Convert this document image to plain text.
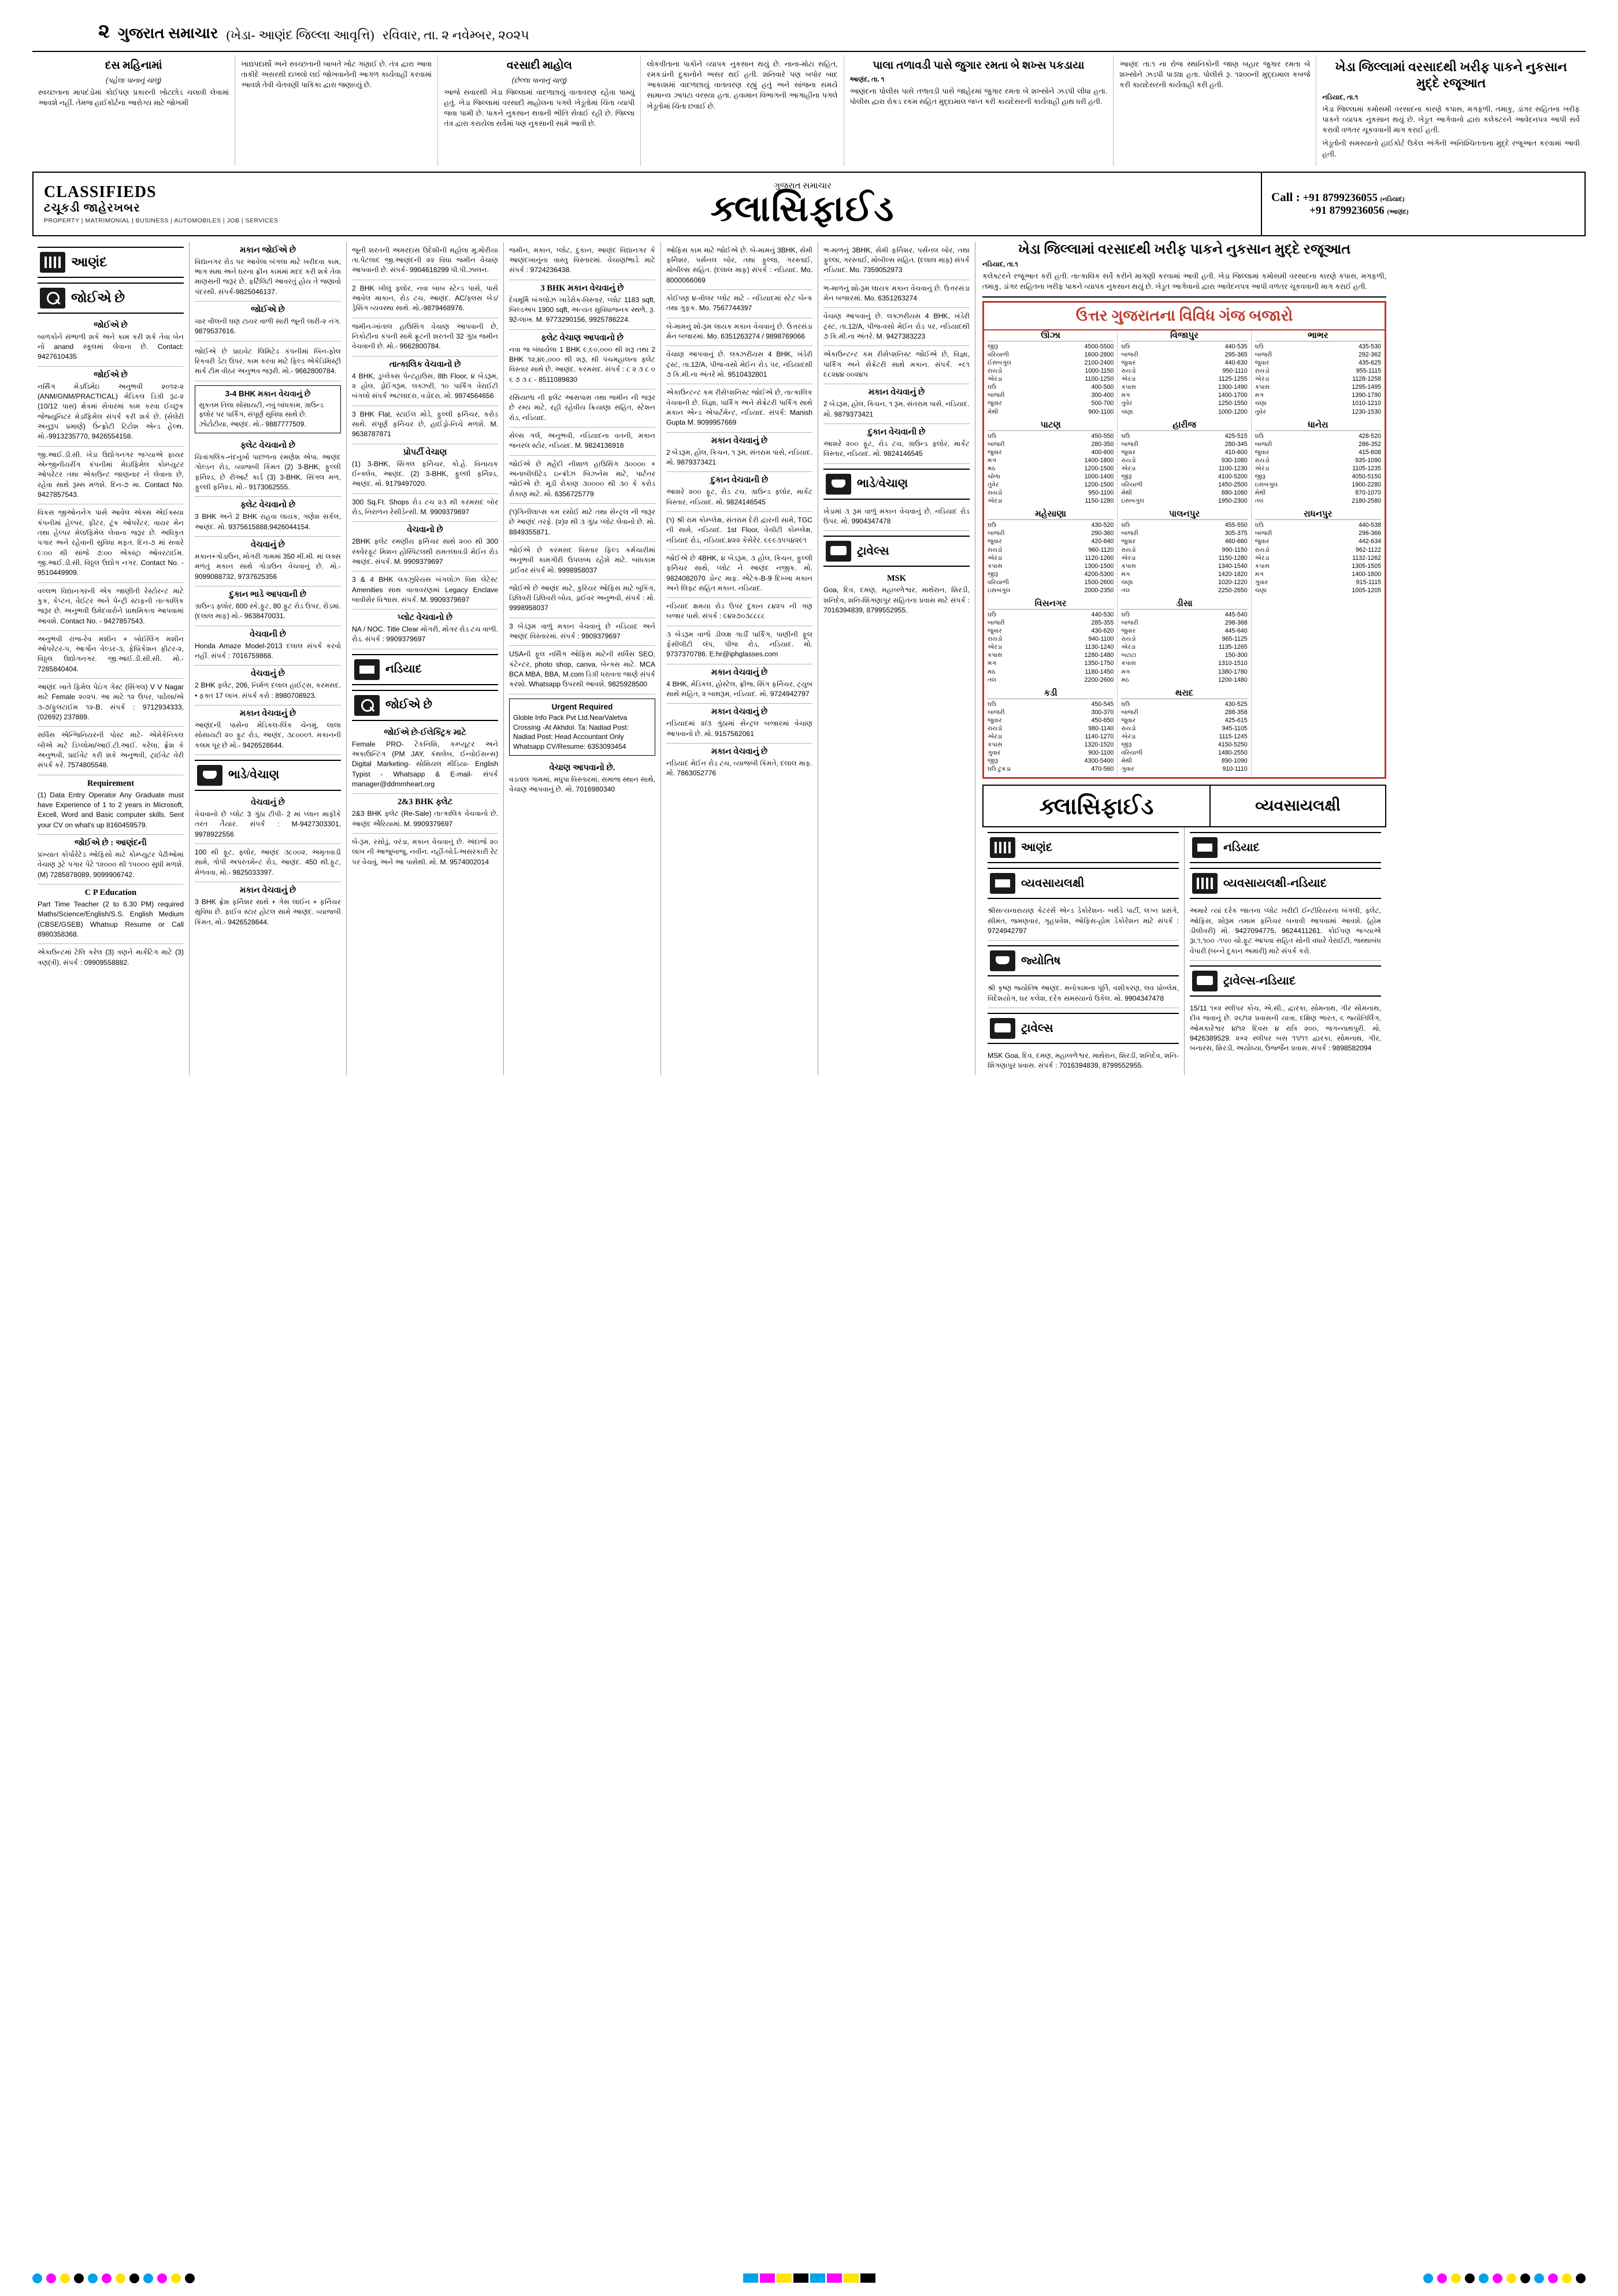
૨ ગુજરાત સમાચાર (ખેડા- આણંદ જિલ્લા આવૃત્તિ) રવિવાર, તા. ૨ નવેમ્બર, ૨૦૨૫
દસ મહિનામાં
(પહેલા પાનાનું ચાલુ)

સ્વચ્છતાના માપદંડોમાં કોઈપણ પ્રકારની ખોટછોડ ચલાવી લેવામાં આવશે નહીં. તેમજ હાઈકોર્ટના આરોગ્ય માટે જોખમી

ખાદ્યપદાર્થો અને સ્વચ્છતાની બાબતે ખોટ ગણાઈ છે. તંત્ર દ્વારા આવા તાકીદે અસરથી દાખલો લઈ જોખવાનેની આગળ કાર્યવાહી કરવામાં આવશે તેવી ચેતવણી પાકિકા દ્વારા જણાવ્યું છે.

વરસાદી માહોલ
(છેલ્લા પાનાનું ચાલુ)

આજે સવારથી ખેડા જિલ્લામાં વાદળછાયું વાતાવરણ રહેવા પામ્યું હતું. ખેડા જિલ્લામાં વરસાદી માહોલના પગલે ખેડૂતોમાં ચિંતા વ્યાપી જવા પામી છે. પાકને નુકસાન થવાની ભીતિ સેવાઈ રહી છે. જિલ્લા તંત્ર દ્વારા કરાયેલા સર્વેમાં પણ નુકસાની સામે આવી છે.

લોકવીતાના પાકોને વ્યાપક નુકસાન થયું છે. નાના-મોટા સહિત, રમકડાંની દુકાનોને અસર થઈ હતી. શનિવારે પણ બપોર બાદ આકાશમાં વાદળછાયું વાતાવરણ રહ્યું હતું અને સાંજના સમયે સામાન્ય ઝાપટા વરસ્યા હતા. હવામાન વિભાગની આગાહીના પગલે ખેડૂતોમાં ચિંતા છવાઈ છે.

પાલા તળાવડી પાસે જુગાર રમતા બે શખ્સ પકડાયા
આણંદ, તા. ૧

આણંદના પોલીસ પાસે તળાવડી પાસે જાહેરમાં જુગાર રમતા બે શખ્સોને ઝડપી લીધા હતા. પોલીસ દ્વારા રોકડ રકમ સહિત મુદ્દામાલ જપ્ત કરી કાયદેસરની કાર્યવાહી હાથ ધરી હતી.

આણંદ તા.૧ ના રોજ સ્થાનિકોની જાણ બહાર જુગાર રમતા બે શખ્સોને ઝડપી પાડ્યા હતા. પોલીસે રૂ. ૧૨૦૦ની મુદ્દામાલ કબજે કરી કાયદેસરની કાર્યવાહી કરી હતી.

ખેડા જિલ્લામાં વરસાદથી ખરીફ પાકને નુકસાન મુદ્દે રજૂઆત
નડિયાદ, તા.૧

ખેડા જિલ્લામાં કમોસમી વરસાદના કારણે કપાસ, મગફળી, તમાકુ, ડાંગર સહિતના ખરીફ પાકને વ્યાપક નુકસાન થયું છે. ખેડૂત આગેવાનો દ્વારા કલેક્ટરને આવેદનપત્ર આપી સર્વે કરાવી વળતર ચૂકવવાની માગ કરાઈ હતી.

ખેડૂતોની સમસ્યાનો હાઈકોર્ટ ઉકેલ અંગેની અનિશ્ચિતતાના મુદ્દે રજૂઆત કરવામાં આવી હતી.

CLASSIFIEDS
ટચૂકડી જાહેરખબર
PROPERTY | MATRIMONIAL | BUSINESS | AUTOMOBILES | JOB | SERVICES
ગુજરાત સમાચાર
ક્લાસિફાઈડ	Call : +91 8799236055 (નડિયાદ)
+91 8799236056 (આણંદ)
આણંદ
જોઈએ છે
જોઈએ છે
બાળકોને સંભાળી શકે અને કામ કરી શકે તેવા બેન નો anand સ્કૂલમાં લેવાના છે. Contact: 9427610435
જોઈએ છે
નર્સિંગ મેડ/ડિમેઇ અનુભવી ૨૦૧૨-૨ (ANM/GNM/PRACTICAL) મેડિકલ ડિગ્રી રૂઢ-૨ (10/12 પાસ) ક્ષેત્રમાં સેવારમાં કામ કરવા ઈચ્છુક જેજ્યુનિટર મેડ/ફિમેલ સંપર્ક કરી શકે છે. (સેલેરી અનુરૂપ પ્રમાણે) ઉંન્ફ્રોટી ટિટોશ એન્ડ હેલ્થ. મો.-9913235770, 9426554158.
જી.આઈ.ડી.સી. ખેડા ઉદ્યોગનગર જગ્યાએ ફાયર એન્જીનીયરીંગ કંપનીમાં મેઇ/ફિમેલ કોમ્પ્યુટર ઓપરેટર તથા એકાઉન્ટ જાણનાર ને લેવાના છે, રહેવા સાથે રૂમ્સ મળશે. દિન-૭ મા. Contact No. 9427857543.
વિકસ જીઓનનેગ પાસે આવેલ એક્સ એઈક્સ્યા કંપનીમાં હેલ્પર, ફીટર, ટૂંક ઓપરેટર, વાયર મેન તથા હેલ્પર મેલ/ફિમેલ લેવાના જરૂર છે. અધિકૃત પગાર અને રહેવાની સુવિધા મફત. દિન-૭ માં સવારે ૯:૦૦ થી સાંજે ૭:૦૦ એક્સ્ટ્રા ઓવરટાઈમ. જી.આઈ.ડી.સી. વિઠ્ઠલ ઉદ્યોગ નગર. Contact No. - 9510449909.
વલ્લભ વિદ્યાનગરની એક જાણીતી રેસ્ટોરન્ટ માટે કુક, કેપ્ટન, વેઈટર અને પેન્ટ્રી સ્ટાફની તાત્કાલિક જરૂર છે. અનુભવી ઉમેદવારોને પ્રાથમિકતા આપવામાં આવશે. Contact No. - 9427857543.
અનુભવી રાજ-રેવ મશીન + બોઈલિંગ મશીન ઓપરેટર-૫, આર્ગોન વેલ્ડર-૩, ફેબ્રિકેશન ફીટર-૨, વિઠ્ઠલ ઉદ્યોગનગર. જી.આઈ.ડી.સી.સી. મો.- 7285840404.
આણંદ ખાતે ફિમેલ પેઇંગ ગેસ્ટ (સિંગલ) V V Nagar માટે Female ૨૦૨૫. આ માટે ૧૨ ઉપર, પાઠેલા/એ ૩-૭/ફુલટાઈમ ૧૨-B. સંપર્ક : 9712934333, (02692) 237889.
સર્વિસ એન્જિનિયરની પોસ્ટ માટે- એમેકેનિકલ બીએ માટે ડિપ્લોમા/આઈ.ટી.આઈ. કરેલા, ફ્રેશ કે અનુભવી, પ્રાઈવેટ કરી શકે અનુભવી, ટ્રાઈવેટ વેરી સંપર્ક કરે. 7574805548.
Requirement
(1) Data Entry Operator Any Graduate must have Experience of 1 to 2 years in Microsoft, Excell, Word and Basic computer skills. Sent your CV on what's up 8160459579.
જોઈએ છે : આણંદની
પ્રખ્યાત કોર્પોરેટેડ ઓફિસો માટે કોમ્પ્યુટર પેઢીઓમાં વેચાણ રૂટે પગાર પેટે ૧૨૦૦૦ થી ૧૫૦૦૦ સુધી મળશે. (M) 7285878089, 9099906742.
C P Education
Part Time Teacher (2 to 6.30 PM) required Maths/Science/English/S.S. English Medium (CBSE/GSEB) Whatsup Resume or Call 8980358368.
એકાઉન્ટમાં ટેલિ કરેલ (3) ત્રણને માર્કેટિંગ માટે (3) ત્રણ(ત્રી). સંપર્ક : 09909558882.
મકાન જોઈએ છે
વિદ્યાનગર રોડ પર આવેલા બંગલા માટે ખરીદવા કામ, ભાગ સમા અને ઘરના ફ્રીન કામમાં મદદ કરી શકે તેવા માણસની જરૂર છે. ફર્ટિલિટી આવરતું હોય તે જણાવો પંદરથી. સંપર્ક-9825046137.
જોઈએ છે
ચાર વીલની ઘણ ટાયર વાળી સારી જૂની લારી-૨ નંગ. 9879537616.
જોઈએ છે પ્રાઇવેટ લિમિટેડ કંપનીમાં બિન-ફોલ રિકવરી ડેટા ઉપર. કામ કરવા માટે ફિલ્ડ એકેડિમિસ્ટ્રી માર્ક ટીમ વીઠર અનુભવ જરૂરી. મો.- 9662800784.
3-4 BHK મકાન વેચવાનું છે
સુકતમ તિલા સોસાયટી, નવું બાંધકામ, ગ્રાઉન્ડ ફ્લોર પર પાર્કિંગ, સંપૂર્ણ સુવિધા સાથે છે. ઝોટોટીયા, આણંદ. મો.- 9887777509.
ફ્લેટ વેચવાનો છે
ચિત્રાંગલિંક-નંદનુર્ખા પાછળના રમણેશ એપા. આણંદ ગોલ્ડન રોડ, વ્યાજબી કિંમત (2) 3-BHK, ફુલ્લી ફર્નિશ્ડ, છે રીઆર્ટ કાર્ડ (3) 3-BHK, સિંગલ મળ, ફુલ્લી ફર્નિશ્ડ. મો.- 9173062555.
ફ્લેટ વેચવાનો છે
3 BHK અને 2 BHK રાહવા લાયક, ગણેશ સર્કલ, આણંદ. મો. 9375615888,9426044154.
વેચવાનું છે
મકાન+ગોડાઉન, મોગરી ગામમાં 350 મી.મી. માં લક્સ મળતું મકાન સાથે ગોડાઉન વેચવાનું છે. મો.- 9099088732, 9737625356
દુકાન ભાડે આપવાની છે
ગ્રાઉન્ડ ફ્લોર, 600 સ્કે.ફુટ, 80 ફુટ રોડ ઉપર, રોડમાં. (દલાલ માફ) મો.- 9638470031.
વેચવાની છે
Honda Amaze Model-2013 દલાલ સંપર્ક કરવો નહીં. સંપર્ક : 7016759868.
વેચવાનું છે
2 BHK ફ્લેટ, 206, નિર્મળ દલાલ હાઈટ્સ, કરમસદ. • ફક્ત 17 લાખ. સંપર્ક કરો : 8980708923.
મકાન વેચવાનું છે
આણંદની પાસેના મેડિકલ-લિંક ચેનમું, લાલા સોસાયટી ૨૦ ફુટ રોડ, આણંદ, ૩૮૦૦૦૧. મકાનની કલમ પૂર છે મો.- 9426528644.
ભાડે/વેચાણ
વેચવાનું છે
વેચવાનો છે પ્લોટ 3 ગુંઠા ટીપી- 2 માં પ્લાન માફીકે તરત તૈયાર. સંપર્ક : M-9427303301, 9978922556
100 થી ફૂટ, ફ્લોર, આણંદ ૩૮૦૦૨, અમૃતવાડી સામે, ગોપી અપરતમેન્ટ રોડ, આણંદ. 450 થી.ફુટ, મેળવવા, મો.- 9825033397.
મકાન વેચવાનું છે
3 BHK ફ્રેશ ફર્નિશર સાથે + ગેસ લાઈન + ફર્નિચર સુવિધા છે. ફાઈવ સ્ટાર હોટલ સામે આણંદ. વ્યાજબી કિંમત, મો.- 9426528644.
જૂની શરતની અમરદાસ ઉદેશીની મહોલા મુ.મોરીયા તા.પેટલાદ જી.આણંદની ૨૨ વિઘા જમીન વેચાણ આપવાની છે. સંપર્ક- 9904618299 પી.પી.ઝાલન.
2 BHK ખીલું ફ્લોર, નવા બાબ સ્ટેન્ડ પાસે, પાસે આવેલ માકાન, રોડ ટચ, આણંદ. AC/ફ્લસ બેડ/ડ્રેસિંગ વ્યવસ્થા સાથે. મો.-9879468976.
જમીન-ખાંતાલ હાઉસિંગ વેચાણ આપવાની છે, નિકોટીના કંપની સામે ફ્રૂટની શરતની 32 ગુંઠા જમીન વેચવાની છે. મો.- 9662800784.
તાત્કાલિક વેચવાનો છે
4 BHK, ડુપ્લેક્સ પેન્ટહાઉસ, 8th Floor, ૪ બેડરૂમ, ૨ હોલ, ડ્રોઈંગરૂમ, લક્ઝરી, ૧૦ પાર્કિંગ વેરાઈટી બંગલો સંપર્ક અટલાદરા, વડોદરા. મો. 9974564656
3 BHK Flat, સ્ટાઈલ મોડે, ફુલ્લી ફર્નિચર, કરોડ સાથે. સંપૂર્ણ ફર્નિચર છે, હાઈડ્રો-નિચે મળશે. M. 9638787871
પ્રોપર્ટી વેચાણ
(1) 3-BHK, સિંગલ ફર્નિચર, કો.હે. વિનાયક ઈન્ક્લેવ, આણંદ. (2) 3-BHK, ફુલ્લી ફર્નિશ્ડ, આણંદ. મો. 9179497020.
300 Sq.Ft. Shops રોડ ટચ ૨૩ થી કરમસદ બોર રોડ, નિરાળન રેસીડેન્સી. M. 9909379697
વેચવાનો છે
2BHK ફ્લેટ રમણીય ફર્નિચર સાથે ૨૦૦ થી 300 સ્ક્વેરફૂટ મિશન હોસ્પિટલથી રામતલાવડી મેઈન રોડ આણંદ. સંપર્ક. M. 9909379697
3 & 4 BHK લક્ઝુરિયસ બંગલોઝ વિથ લેટેસ્ટ Amenities સાથ વાતાવરણમાં Legacy Enclave બાવીસેર વિશ્વાસ. સંપર્ક. M. 9909379697
પ્લોટ વેચવાનો છે
NA / NOC. Title Clear મોગરી, મોગર રોડ ટચ વાળી. રોડ. સંપર્ક : 9909379697
નડિયાદ
જોઈએ છે
જોઈએ છે-ઈલેક્ટ્રિક માટે
Female PRO- ટેકનિશિ, કમ્પ્યૂટર અને અકાઉન્ટિંગ (PM JAY, કૅથલેબ, ઈન્વોઈસન્સ) Digital Marketing- સોશિયલ મીડિયા- English Typist - Whatsapp & E-mail- સંપર્ક manager@ddmmheart.org
2&3 BHK ફ્લેટ
2&3 BHK ફ્લેટ (Re-Sale) તાત્કાલિક વેચવાનો છે. આણંદ ઐરિયામાં. M. 9909379697
બે-રૂમ, રસોડું, વરંડા, મકાન વેચવાનું છે. અંદાજે ૨૦ લાખ ની આજુબાજુ, નવીન. નહીં-બોર્ડ-અસરકારી રેટ પર વેચવું, અને આ પાસેથી. મો. M. 9574002014
જમીન, મકાન, પ્લોટ, દુકાન, આણંદ વિદ્યાનગર કે આણંદખાનુંના વાસ્તુ વિસ્તારમાં. વેચાણ/ભાડે માટે સંપર્ક : 9724236438.
3 BHK મકાન વેચવાનું છે
દેવમૂર્મિ બંગલોઝ ખાડેરોક-વિસ્તાર, પ્લોટ 1183 sqft, બિલ્ડઅપ 1900 sqft, અત્યંત સુવિધાજનક સ્થળે, રૂ. 92-લાખ. M. 9773290156, 9925786224.
ફ્લેટ વેચાણ આપવાનો છે
નવા જ બંધાયેલા 1 BHK ૯,૯૦,૦૦૦ થી શરૂ તથા 2 BHK ૧૨,૪૯,૦૦૦ થી શરૂ, થી પંચમહાલના ફ્લેટ વિસ્તાર સાથે છે. આણંદ. કરમસદ. સંપર્ક : ૮ ૨ ૩ ૮ ૦ ૬ ૭ ૩ ૮ - 8511089830
રસિયાળા ની ફ્લેટ આસપાસ તથા જમીન ની જરૂર છે રમ્ય માટે, રહી રહેવીય ક્રિયાણા સહિત, સ્ટેશન રોડ, નડિયાદ.
સેલ્સ ગર્લ, અનુભવી, નડિયાદના વતની, મકાન જનરલ સ્ટોર, નડિયાદ. M. 9824136918
જોઈએ છે મહેંદી નીશાળ હાઉસિંગ ૩૦૦૦૦ + અનાબીલીટેડ ઇન્ક્રીઝ બિઝનેસ માટે, પાર્ટનર જોઈએ છે. મૂડી રોકાણ ૩૦૦૦૦ થી ૩૦ કે કરોડ રોકાણ માટે. મો. 6356725779
(૧)ગિનીલાપ્સ કમ રસોઈ માટે તથા સેન્ટ્રલ ની જરૂર છે આણંદ તરફે. (૨)૨ થી ૩ ગુંઠા પ્લોટ લેવાનો છે. મો. 8849355871.
જોઈએ છે કરમસદ વિસ્તાર ફિલ્ડ કર્મચારીમાં અનુભવી કામગીરી ઉપલબ્ધ રહેશે માટે. બાંધકામ ડ્રાઈવર સંપર્ક મો. 9998958037
જોઈએ છે આણંદ માટે, કુરિયર ઓફિસ માટે બુકિંગ, ડિલિવરી ડિલિવરી બોય, ડ્રાઈવર અનુભવી, સંપર્ક : મો. 9998958037
3 બેડરૂમ વાળું મકાન વેચવાનું છે નડિયાદ અને આણંદ વિસ્તારમાં. સંપર્ક : 9909379697
USAની ફૂલ નર્સિંગ ઓફિસ માટેની સર્વિસ SEO, કંટેન્ટર, photo shop, canva, બેન્ક્સ માટે. MCA BCA MBA, BBA, M.com ડિગ્રી ધરાવતા જાણે સંપર્ક કરશો. Whatsapp ઉપરથી આવશે. 9825928500
Urgent Required
Globle Info Pack Pvt Ltd.NearValetva Crossing -At Akhdol. Ta: Nadiad Post: Nadiad Post: Head Accountant Only Whatsapp CV/Resume: 6353093454
વેચાણ આપવાનો છે.
વડતાલ ગામમાં, મધુપા વિસ્તારમાં, સમાજ સ્થાન સાથે, વેચાણ આપવાનું છે. મો. 7016980340
ઓફિસ કામ માટે જોઈએ છે. બે-મામનું 3BHK, સેમી ફર્નિશર, પર્સનલ બોર, તથા ફુલ્લા, ગરસ્તાઈ, મોબીલ્સ સહિત. (દલાલ માફ) સંપર્ક : નડિયાદ. Mo. 8000066069
કોઈપણ ૪-વીલર પ્લોટ માટે - નડિયાદમાં સ્ટેટ બેન્ક તથા ગુફક. Mo. 7567744397
બે-મામનું શો-રૂમ લાયક મકાન વેચવાનું છે. ઉત્તરસંડા મેન બજારમાં. Mo. 6351263274 / 9898769066
વેચાણ આપવાનું છે. લક્ઝરીયસ 4 BHK, ખંડેરી ટ્રસ્ટ, તા.12/A, પીજ-વસો મેઈન રોડ પર, નડિયાદથી ૭ કિ.મી.ના અંતરે મો. 9510432801
એકાઉન્ટન્ટ કમ રીસેપ્શનિસ્ટ જોઈએ છે, તાત્કાલિક વેચવાની છે. વિજ્ઞા, પાર્કિંગ અને સેક્રેટરી પાર્કિંગ સાથે મકાન એન્ડ એપાર્ટમેન્ટ, નડિયાદ. સંપર્ક: Manish Gupta M. 9099957669
મકાન વેચવાનું છે
2 બેડરૂમ, હોલ, કિચન, ૧ રૂમ, સંતરામ પાસે, નડિયાદ. મો. 9879373421
દુકાન વેચવાની છે
આશરે ૨૦૦ ફૂટ, રોડ ટચ, ગ્રાઉન્ડ ફ્લોર, માર્કેટ વિસ્તાર, નડિયાદ. મો. 9824146545
(૧) શ્રી રામ કોમ્પ્લેક્ષ, સંતરામ દેરી દ્વારની સામે, TGC ની સામે, નડિયાદ. 1st Floor, વેચીટી કોમ્પ્લેક્ષ, નડિયાદ રોડ, નડિયાદ.૪૨૨ કેસેરેર. ૯૯૯૩૫૫૪૨૯૧
જોઈએ છે 4BHK, ૪ બેડરૂમ, ૩ હોલ, કિચન, ફુલ્લી ફર્નિચર સાથે, પ્લોટ ને આણંદ નજીક. મો. 9824082070 ડોન્ટ માફ. એટેક-B-9 દિખ્ખા મકાન અને લિફ્ટ સહિત મકાન. નડિયાદ.
નડિયાદ ક્ષમયા રોડ ઉપર દુકાન ૮૪૨૫ ની ગણ બજાર પાસે. સંપર્ક : ૯૪૨૭૦૩૮૮૮૮
૩ બેડરૂમ વાળો ડીલક્ષ ગાર્ડી પાર્કિંગ, પાણીની ફૂલ ફેસીલીટી લૅપ, પીજ રોડ, નડિયાદ. મો. 9737370786. E:hr@iphglasses.com
મકાન વેચવાનું છે
4 BHK, મેડિકલ, હોસ્ટેલ, ફ્રીજ, સિંગ ફર્નિચર, ટ્યુબ સાથે સહિત, ૨ બાથરૂમ, નડિયાદ. મો. 9724942797
મકાન વેચવાનું છે
નડિયાદમાં ૨/૩ ગુંઠામાં સેન્ટ્રલ બજારમાં વેચાણ આપવાનો છે. મો. 9157562061
મકાન વેચવાનું છે
નડિયાદ મેઈન રોડ ટચ, વ્યાજબી કિંમતે, દલાલ માફ. મો. 7863052776
ભ-માળનું 3BHK, સેમી ફર્નિશર, પર્સનલ બોર, તથા ફુલ્લા, ગરસ્તાઈ, મોબીલ્સ સહિત. (દલાલ માફ) સંપર્ક નડિયાદ. Mo. 7359052973
ભ-માળનું શો-રૂમ લાયક મકાન વેચવાનું છે. ઉત્તરસંડા મેન બજારમાં. Mo. 6351263274
વેચાણ આપવાનું છે. લક્ઝરીયસ 4 BHK, ખંડેરી ટ્રસ્ટ, તા.12/A, પીજ-વસો મેઈન રોડ પર, નડિયાદથી ૭ કિ.મી.ના અંતરે. M. 9427383223
એકાઉન્ટન્ટ કમ રીસેપ્શનિસ્ટ જોઈએ છે, વિજ્ઞા, પાર્કિંગ અને સેક્રેટરી સાથે મકાન. સંપર્ક. +૯૧ ૯૮૨૪૪ ૦૦૨૪૫
મકાન વેચવાનું છે
2 બેડરૂમ, હોલ, કિચન, ૧ રૂમ, સંતરામ પાસે, નડિયાદ. મો. 9879373421
દુકાન વેચવાની છે
આશરે ૨૦૦ ફૂટ, રોડ ટચ, ગ્રાઉન્ડ ફ્લોર, માર્કેટ વિસ્તાર, નડિયાદ. મો. 9824146545
ભાડે/વેચાણ
ખેડામાં ૩ રૂમ વાળું મકાન વેચવાનું છે, નડિયાદ રોડ ઉપર. મો. 9904347478
ટ્રાવેલ્સ
MSK
Goa, દિવ, દમણ, મહાબળેશ્વર, માથેરાન, શિરડી, શનિદેવ, શનિ-શિંગણાપુર સહિતના પ્રવાસ માટે સંપર્ક : 7016394839, 8799552955.
ખેડા જિલ્લામાં વરસાદથી ખરીફ પાકને નુકસાન મુદ્દે રજૂઆત
નડિયાદ, તા.૧

કલેક્ટરને રજૂઆત કરી હતી. તાત્કાલિક સર્વે કરીને માગણી કરવામાં આવી હતી. ખેડા જિલ્લામાં કમોસમી વરસાદના કારણે કપાસ, મગફળી, તમાકુ, ડાંગર સહિતના ખરીફ પાકને વ્યાપક નુકસાન થયું છે. ખેડૂત આગેવાનો દ્વારા આવેદનપત્ર આપી વળતર ચૂકવવાની માગ કરાઈ હતી.

ઉત્તર ગુજરાતના વિવિધ ગંજ બજારો
ઊંઝા
જીરૂ	4500-5500
વરિયાળી	1600-2800
ઈસબગુલ	2100-2400
રાયડો	1000-1150
એરંડા	1100-1250
ઘઉં	400-500
બાજરી	300-400
જુવાર	500-700
મેથી	900-1100
પાટણ
ઘઉં	450-550
બાજરી	280-350
જુવાર	400-600
મગ	1400-1800
મઠ	1200-1500
ચોળા	1000-1400
તુવેર	1200-1500
રાયડો	950-1100
એરંડા	1150-1280
મહેસાણા
ઘઉં	430-520
બાજરી	290-360
જુવાર	420-640
રાયડો	960-1120
એરંડા	1120-1260
કપાસ	1300-1500
જીરૂ	4200-5300
વરિયાળી	1500-2600
ઇસબગુલ	2000-2350
વિસનગર
ઘઉં	440-530
બાજરી	285-355
જુવાર	430-620
રાયડો	940-1100
એરંડા	1130-1240
કપાસ	1280-1480
મગ	1350-1750
મઠ	1180-1450
તલ	2200-2600
કડી
ઘઉં	450-545
બાજરી	300-370
જુવાર	450-650
રાયડો	980-1140
એરંડા	1140-1270
કપાસ	1320-1520
ગુવાર	900-1100
જીરૂ	4300-5400
ઘઉં ટુકડા	470-560
વિજાપુર
ઘઉં	440-535
બાજરી	295-365
જુવાર	440-630
રાયડો	950-1110
એરંડા	1125-1255
કપાસ	1300-1490
મગ	1400-1700
તુવેર	1250-1550
ચણા	1000-1200
હારીજ
ઘઉં	425-515
બાજરી	280-345
જુવાર	410-600
રાયડો	930-1080
એરંડા	1100-1230
જીરૂ	4100-5200
વરિયાળી	1450-2500
મેથી	880-1080
ઇસબગુલ	1950-2300
પાલનપુર
ઘઉં	455-550
બાજરી	305-375
જુવાર	460-660
રાયડો	990-1150
એરંડા	1150-1280
કપાસ	1340-1540
મગ	1420-1820
ચણા	1020-1220
તલ	2250-2650
ડીસા
ઘઉં	445-540
બાજરી	298-368
જુવાર	445-640
રાયડો	965-1125
એરંડા	1135-1265
બટાટા	150-300
કપાસ	1310-1510
મગ	1380-1780
મઠ	1200-1480
થરાદ
ઘઉં	430-525
બાજરી	288-358
જુવાર	425-615
રાયડો	945-1105
એરંડા	1115-1245
જીરૂ	4150-5250
વરિયાળી	1480-2550
મેથી	890-1090
ગુવાર	910-1110
ભાભર
ઘઉં	435-530
બાજરી	292-362
જુવાર	435-625
રાયડો	955-1115
એરંડા	1128-1258
કપાસ	1295-1495
મગ	1390-1790
ચણા	1010-1210
તુવેર	1230-1530
ધાનેરા
ઘઉં	428-520
બાજરી	286-352
જુવાર	415-608
રાયડો	935-1090
એરંડા	1105-1235
જીરૂ	4050-5150
ઇસબગુલ	1900-2280
મેથી	870-1070
તલ	2180-2580
રાધનપુર
ઘઉં	440-538
બાજરી	296-366
જુવાર	442-634
રાયડો	962-1122
એરંડા	1132-1262
કપાસ	1305-1505
મગ	1400-1800
ગુવાર	915-1115
ચણા	1005-1205
ક્લાસિફાઈડ	વ્યવસાયલક્ષી
આણંદ
વ્યવસાયલક્ષી
શ્રીસત્યનારાયણ કેટરર્સ એન્ડ ડેકોરેશન- બર્થડે પાર્ટી, લગ્ન પ્રસંગે, સીમંત, જમણવાર, ગૃહપ્રવેશ, ઓફિસ-હોમ ડેકોરેશન માટે સંપર્ક : 9724942797
જ્યોતિષ
શ્રી કૃષ્ણ જ્યોતિષ આણંદ. મનોકામના પૂર્તિ, વશીકરણ, લવ પ્રોબ્લેમ, વિદેશયોગ, ઘર કલેશ, દરેક સમસ્યાનો ઉકેલ. મો. 9904347478
ટ્રાવેલ્સ
MSK Goa, દિવ, દમણ, મહાબળેશ્વર, માથેરાન, શિરડી, શનિદેવ, શનિ-શિંગણાપુર પ્રવાસ. સંપર્ક : 7016394839, 8799552955.
નડિયાદ
વ્યવસાયલક્ષી-નડિયાદ
અમારે ત્યાં દરેક જાતના પ્લોટ ખરીદી ઈન્ટીરિયરના બંગલી, ફ્લેટ, ઓફિસ, શોરૂમ તમામ ફર્નિચર બનાવી આપવામાં આવશે. (હોમ ડીલીવરી) મો. 9427094775, 9624411261. કોઈપણ જગ્યાએ રૂા.૧,૧૦૦ -૧૫૦ ચો.ફૂટ આપવા સહિત સોની વધારે વેરાઈટી, જથ્થાબંધ વેપારી (બન્ને દુકાન અમારી) માટે સંપર્ક કરો.
ટ્રાવેલ્સ-નડિયાદ
15/11 ૧×૨ સ્લીપર કોચ, એ.સી., દ્વારકા, સોમનાથ, ગીર સોમનાથ, દીવ જવાનું છે. ૨૬/૧૨ પ્રવાસની યાત્રા, દક્ષિણ ભારત, ૬ જ્યોતિર્લિંગ, ઓમકારેશ્વર ૪/૧૨ દિવસ ૪ રાત્રિ ૨૦૦, જગન્નાથપુરી. મો. 9426389529. ૨×૨ સ્લીપર બસ ૧૧/૧૧ દ્વારકા, સોમનાથ, ગીર, બનારસ, શિરડી, અયોધ્યા, ઉજ્જૈન પ્રવાસ. સંપર્ક : 9898582094
